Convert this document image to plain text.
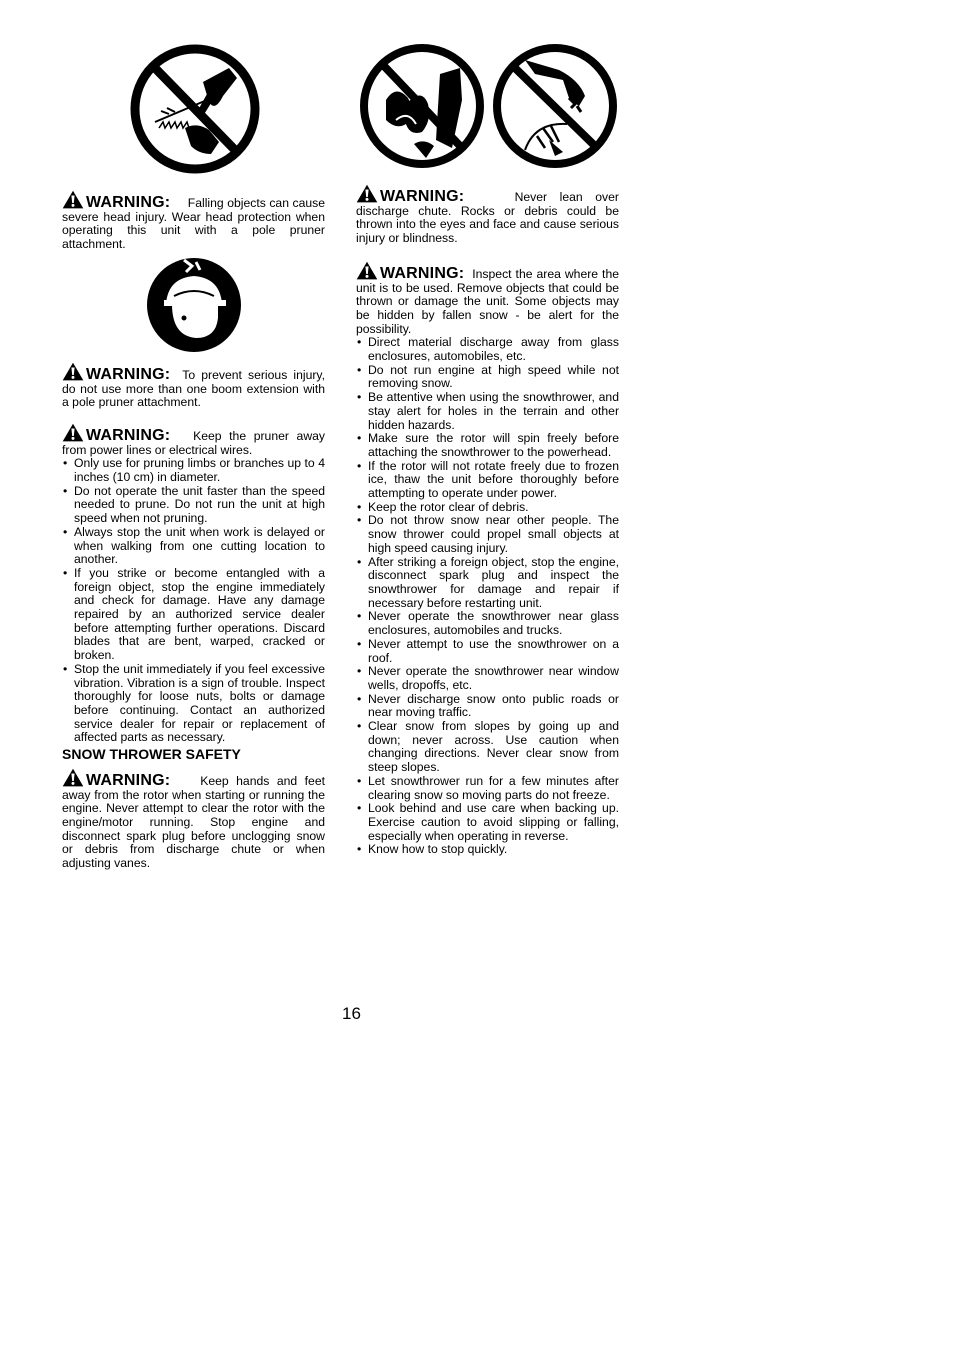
WARNING: Falling objects can cause severe head injury. Wear head protection when operating this unit with a pole pruner attachment.

WARNING: To prevent serious injury, do not use more than one boom extension with a pole pruner attachment.

WARNING: Keep the pruner away from power lines or electrical wires.

• Only use for pruning limbs or branches up to 4 inches (10 cm) in diameter.
• Do not operate the unit faster than the speed needed to prune. Do not run the unit at high speed when not pruning.
• Always stop the unit when work is delayed or when walking from one cutting location to another.
• If you strike or become entangled with a foreign object, stop the engine immediately and check for damage. Have any damage repaired by an authorized service dealer before attempting further operations. Discard blades that are bent, warped, cracked or broken.
• Stop the unit immediately if you feel excessive vibration. Vibration is a sign of trouble. Inspect thoroughly for loose nuts, bolts or damage before continuing. Contact an authorized service dealer for repair or replacement of affected parts as necessary.
SNOW THROWER SAFETY

WARNING: Keep hands and feet away from the rotor when starting or running the engine. Never attempt to clear the rotor with the engine/motor running. Stop engine and disconnect spark plug before unclogging snow or debris from discharge chute or when adjusting vanes.

WARNING:	Never lean over discharge chute. Rocks or debris could be thrown into the eyes and face and cause serious injury or blindness.

WARNING: Inspect the area where the unit is to be used. Remove objects that could be thrown or damage the unit. Some objects may be hidden by fallen snow - be alert for the possibility.

• Direct material discharge away from glass enclosures, automobiles, etc.
• Do not run engine at high speed while not removing snow.
• Be attentive when using the snowthrower, and stay alert for holes in the terrain and other hidden hazards.
• Make sure the rotor will spin freely before attaching the snowthrower to the powerhead.
• If the rotor will not rotate freely due to frozen ice, thaw the unit before thoroughly before attempting to operate under power.
• Keep the rotor clear of debris.
• Do not throw snow near other people. The snow thrower could propel small objects at high speed causing injury.
• After striking a foreign object, stop the engine, disconnect spark plug and inspect the snowthrower for damage and repair if necessary before restarting unit.
• Never operate the snowthrower near glass enclosures, automobiles and trucks.
• Never attempt to use the snowthrower on a roof.
• Never operate the snowthrower near window wells, dropoffs, etc.
• Never discharge snow onto public roads or near moving traffic.
• Clear snow from slopes by going up and down; never across. Use caution when changing directions. Never clear snow from steep slopes.
• Let snowthrower run for a few minutes after clearing snow so moving parts do not freeze.
• Look behind and use care when backing up. Exercise caution to avoid slipping or falling, especially when operating in reverse.
• Know how to stop quickly.
16
